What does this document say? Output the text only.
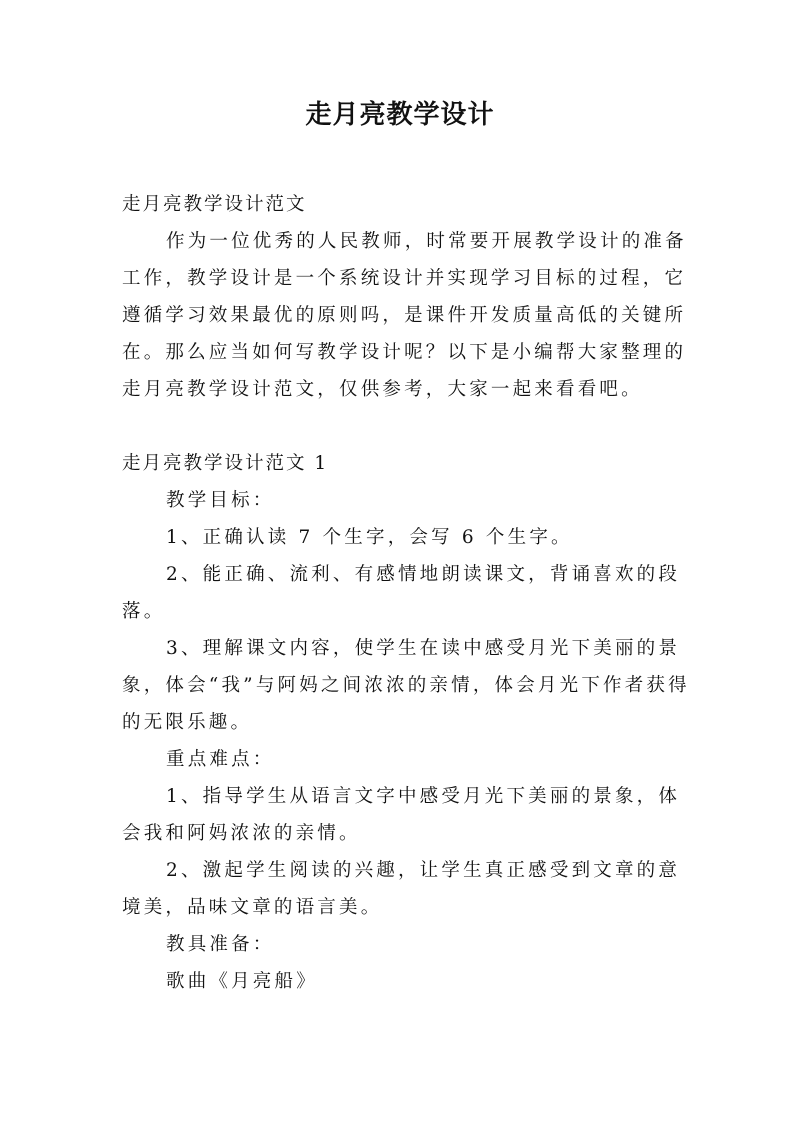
走月亮教学设计

走月亮教学设计范文

作为一位优秀的人民教师，时常要开展教学设计的准备工作，教学设计是一个系统设计并实现学习目标的过程，它遵循学习效果最优的原则吗，是课件开发质量高低的关键所在。那么应当如何写教学设计呢？以下是小编帮大家整理的走月亮教学设计范文，仅供参考，大家一起来看看吧。

走月亮教学设计范文 1

教学目标：

1、正确认读 7 个生字，会写 6 个生字。

2、能正确、流利、有感情地朗读课文，背诵喜欢的段落。

3、理解课文内容，使学生在读中感受月光下美丽的景象，体会“我”与阿妈之间浓浓的亲情，体会月光下作者获得的无限乐趣。

重点难点：

1、指导学生从语言文字中感受月光下美丽的景象，体会我和阿妈浓浓的亲情。

2、激起学生阅读的兴趣，让学生真正感受到文章的意境美，品味文章的语言美。

教具准备：

歌曲《月亮船》
